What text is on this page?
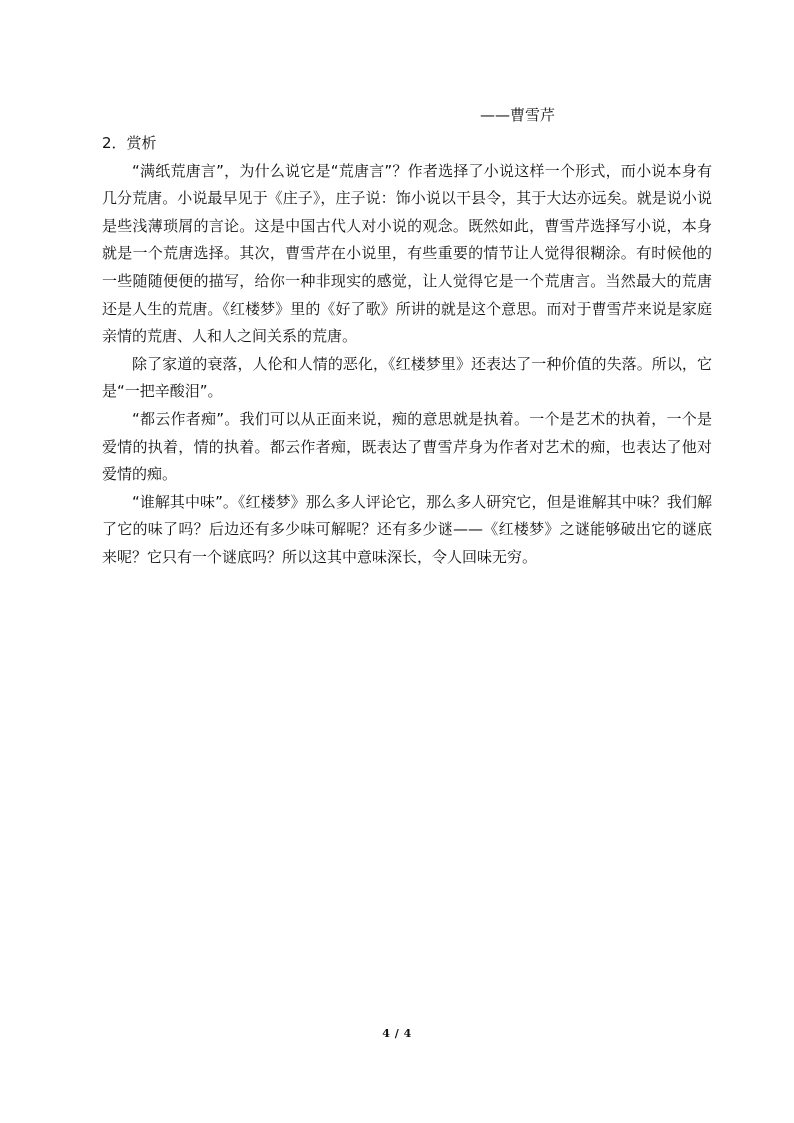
——曹雪芹

2．赏析

“满纸荒唐言”，为什么说它是“荒唐言”？作者选择了小说这样一个形式，而小说本身有几分荒唐。小说最早见于《庄子》，庄子说：饰小说以干县令，其于大达亦远矣。就是说小说是些浅薄琐屑的言论。这是中国古代人对小说的观念。既然如此，曹雪芹选择写小说，本身就是一个荒唐选择。其次，曹雪芹在小说里，有些重要的情节让人觉得很糊涂。有时候他的一些随随便便的描写，给你一种非现实的感觉，让人觉得它是一个荒唐言。当然最大的荒唐还是人生的荒唐。《红楼梦》里的《好了歌》所讲的就是这个意思。而对于曹雪芹来说是家庭亲情的荒唐、人和人之间关系的荒唐。

除了家道的衰落，人伦和人情的恶化，《红楼梦里》还表达了一种价值的失落。所以，它是“一把辛酸泪”。

“都云作者痴”。我们可以从正面来说，痴的意思就是执着。一个是艺术的执着，一个是爱情的执着，情的执着。都云作者痴，既表达了曹雪芹身为作者对艺术的痴，也表达了他对爱情的痴。

“谁解其中味”。《红楼梦》那么多人评论它，那么多人研究它，但是谁解其中味？我们解了它的味了吗？后边还有多少味可解呢？还有多少谜——《红楼梦》之谜能够破出它的谜底来呢？它只有一个谜底吗？所以这其中意味深长，令人回味无穷。

4 / 4
